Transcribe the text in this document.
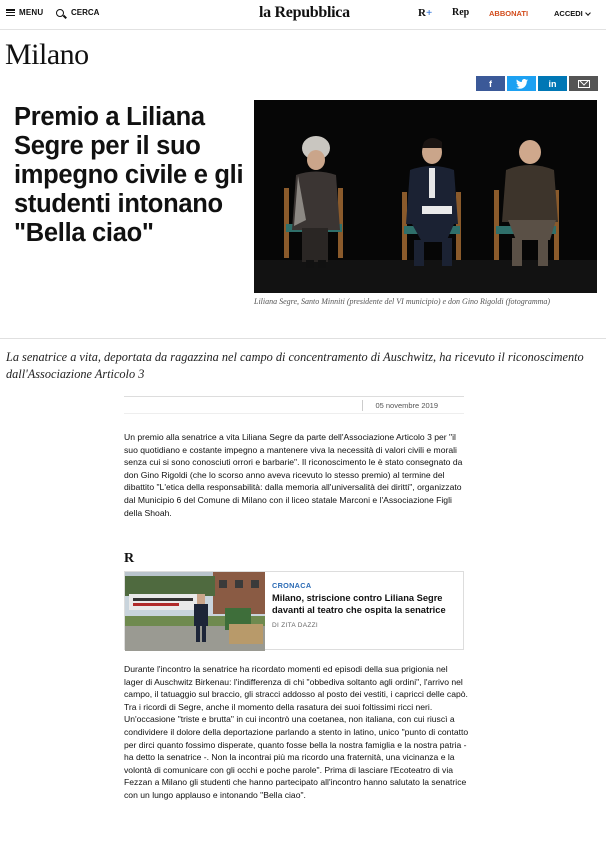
MENU	CERCA	la Repubblica	R+ Rep	ABBONATI	ACCEDI
Milano
f	in
Premio a Liliana Segre per il suo impegno civile e gli studenti intonano "Bella ciao"
Liliana Segre, Santo Minniti (presidente del VI municipio) e don Gino Rigoldi (fotogramma)

La senatrice a vita, deportata da ragazzina nel campo di concentramento di Auschwitz, ha ricevuto il riconoscimento dall'Associazione Articolo 3

05 novembre 2019

Un premio alla senatrice a vita Liliana Segre da parte dell'Associazione Articolo 3 per "il suo quotidiano e costante impegno a mantenere viva la necessità di valori civili e morali senza cui si sono conosciuti orrori e barbarie". Il riconoscimento le è stato consegnato da don Gino Rigoldi (che lo scorso anno aveva ricevuto lo stesso premio) al termine del dibattito "L'etica della responsabilità: dalla memoria all'universalità dei diritti", organizzato dal Municipio 6 del Comune di Milano con il liceo statale Marconi e l'Associazione Figli della Shoah.

R
CRONACA
Milano, striscione contro Liliana Segre davanti al teatro che ospita la senatrice
DI ZITA DAZZI

Durante l'incontro la senatrice ha ricordato momenti ed episodi della sua prigionia nel lager di Auschwitz Birkenau: l'indifferenza di chi "obbediva soltanto agli ordini", l'arrivo nel campo, il tatuaggio sul braccio, gli stracci addosso al posto dei vestiti, i capricci delle capò. Tra i ricordi di Segre, anche il momento della rasatura dei suoi foltissimi ricci neri. Un'occasione "triste e brutta" in cui incontrò una coetanea, non italiana, con cui riuscì a condividere il dolore della deportazione parlando a stento in latino, unico "punto di contatto per dirci quanto fossimo disperate, quanto fosse bella la nostra famiglia e la nostra patria - ha detto la senatrice -. Non la incontrai più ma ricordo una fraternità, una vicinanza e la volontà di comunicare con gli occhi e poche parole". Prima di lasciare l'Ecoteatro di via Fezzan a Milano gli studenti che hanno partecipato all'incontro hanno salutato la senatrice con un lungo applauso e intonando "Bella ciao".
